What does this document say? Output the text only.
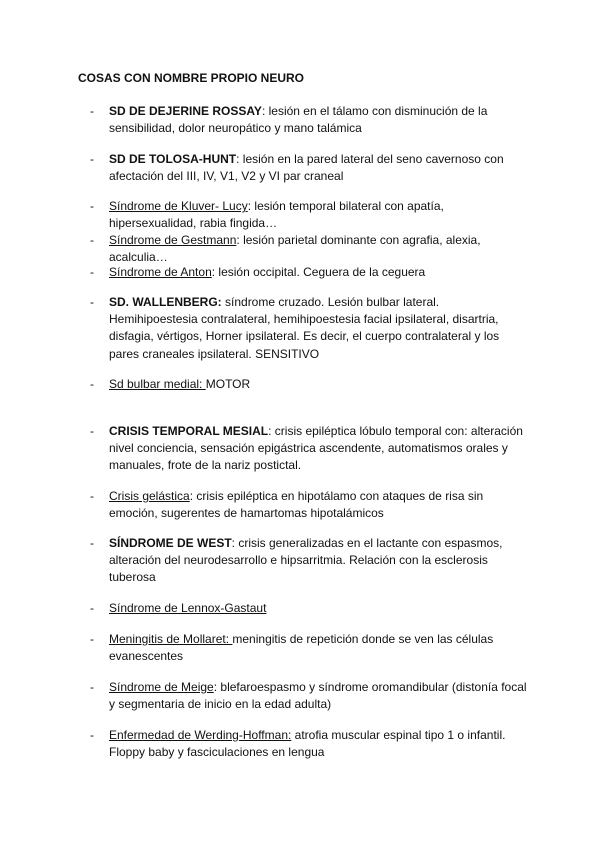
COSAS CON NOMBRE PROPIO NEURO
- SD DE DEJERINE ROSSAY: lesión en el tálamo con disminución de la sensibilidad, dolor neuropático y mano talámica
- SD DE TOLOSA-HUNT: lesión en la pared lateral del seno cavernoso con afectación del III, IV, V1, V2 y VI par craneal
- Síndrome de Kluver- Lucy: lesión temporal bilateral con apatía, hipersexualidad, rabia fingida…
- Síndrome de Gestmann: lesión parietal dominante con agrafia, alexia, acalculia…
- Síndrome de Anton: lesión occipital. Ceguera de la ceguera
- SD. WALLENBERG: síndrome cruzado. Lesión bulbar lateral. Hemihipoestesia contralateral, hemihipoestesia facial ipsilateral, disartria, disfagia, vértigos, Horner ipsilateral. Es decir, el cuerpo contralateral y los pares craneales ipsilateral. SENSITIVO
- Sd bulbar medial: MOTOR
- CRISIS TEMPORAL MESIAL: crisis epiléptica lóbulo temporal con: alteración nivel conciencia, sensación epigástrica ascendente, automatismos orales y manuales, frote de la nariz postictal.
- Crisis gelástica: crisis epiléptica en hipotálamo con ataques de risa sin emoción, sugerentes de hamartomas hipotalámicos
- SÍNDROME DE WEST: crisis generalizadas en el lactante con espasmos, alteración del neurodesarrollo e hipsarritmia. Relación con la esclerosis tuberosa
- Síndrome de Lennox-Gastaut
- Meningitis de Mollaret: meningitis de repetición donde se ven las células evanescentes
- Síndrome de Meige: blefaroespasmo y síndrome oromandibular (distonía focal y segmentaria de inicio en la edad adulta)
- Enfermedad de Werding-Hoffman: atrofia muscular espinal tipo 1 o infantil. Floppy baby y fasciculaciones en lengua
